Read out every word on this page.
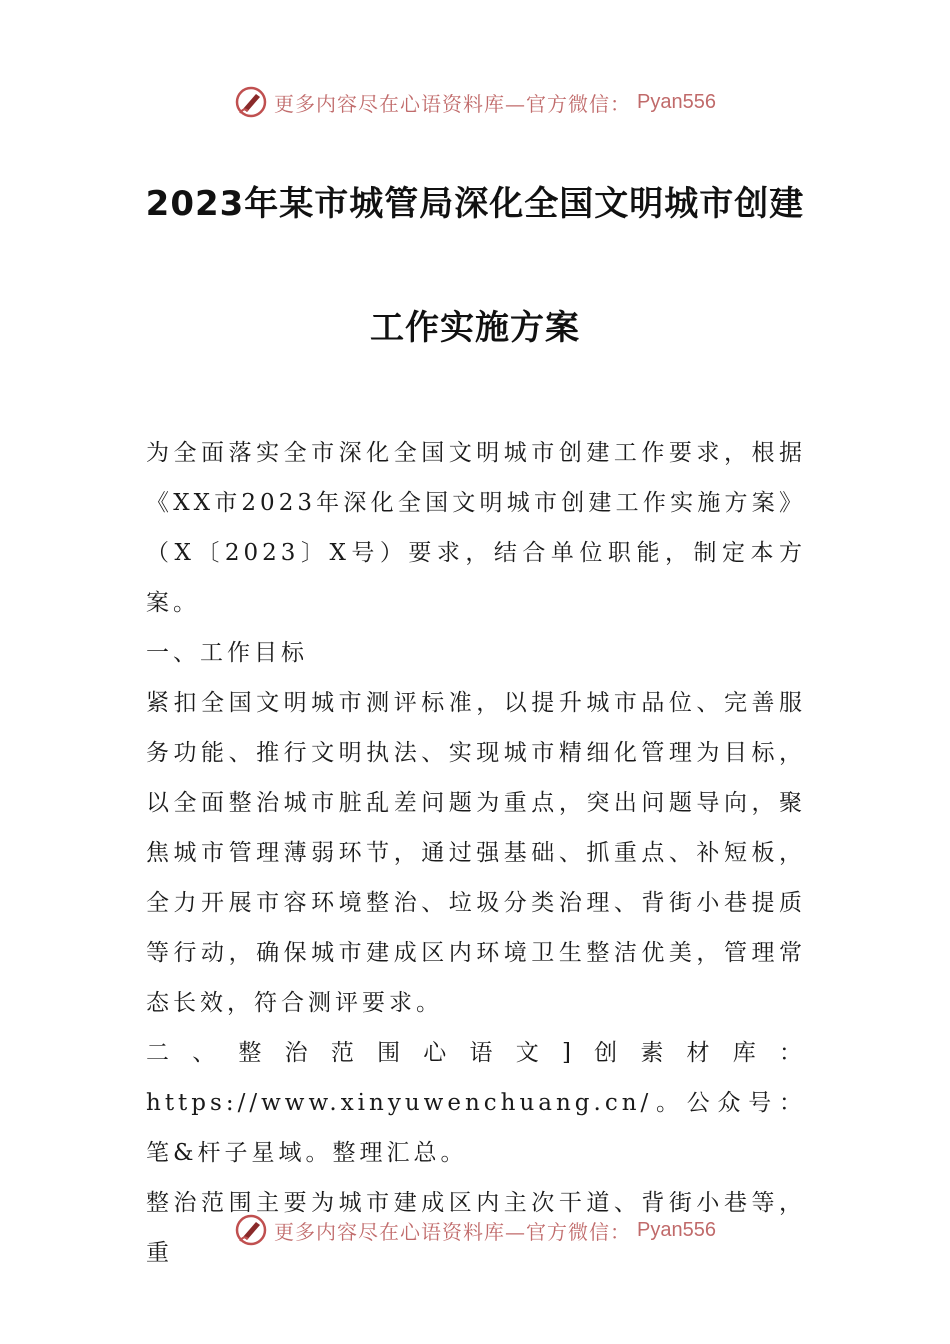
更多内容尽在心语资料库—官方微信： Pyan556
2023年某市城管局深化全国文明城市创建
工作实施方案

为全面落实全市深化全国文明城市创建工作要求，根据《XX市2023年深化全国文明城市创建工作实施方案》（X〔2023〕X号）要求，结合单位职能，制定本方案。

一、工作目标

紧扣全国文明城市测评标准，以提升城市品位、完善服务功能、推行文明执法、实现城市精细化管理为目标，以全面整治城市脏乱差问题为重点，突出问题导向，聚焦城市管理薄弱环节，通过强基础、抓重点、补短板，全力开展市容环境整治、垃圾分类治理、背街小巷提质等行动，确保城市建成区内环境卫生整洁优美，管理常态长效，符合测评要求。

二、整治范围心语文]创素材库：https://www.xinyuwenchuang.cn/。公众号：笔&杆子星域。整理汇总。

整治范围主要为城市建成区内主次干道、背街小巷等，重

更多内容尽在心语资料库—官方微信： Pyan556
